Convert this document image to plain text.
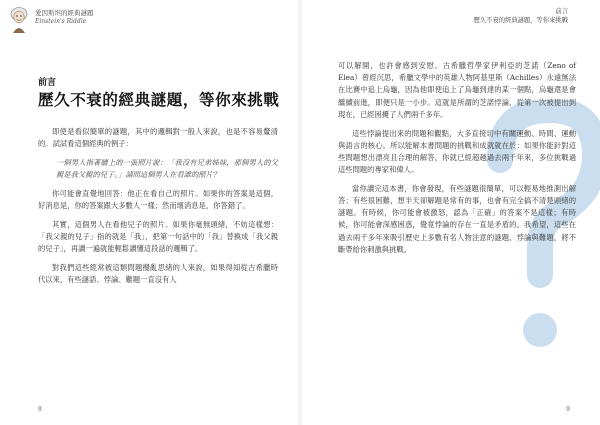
愛因斯坦的經典謎題
Einstein's Riddle
前言
歷久不衰的經典謎題，等你來挑戰

即使是看似簡單的謎題，其中的邏輯對一般人來說，也是不容易釐清的。試試看這個經典的例子：

一個男人指著牆上的一張照片說：「我沒有兄弟姊妹，那個男人的父親是我父親的兒子。」請問這個男人在看誰的照片？

你可能會直覺地回答：他正在看自己的照片。如果你的答案是這個，好消息是，你的答案跟大多數人一樣；然而壞消息是，你答錯了。

其實，這個男人在看他兒子的照片。如果你毫無頭緒，不妨這樣想：「我父親的兒子」指的就是「我」，把第一句話中的「我」替換成「我父親的兒子」，再讀一遍就能輕鬆讀懂這段話的邏輯了。

對我們這些經常被這類問題攪亂思緒的人來說，如果得知從古希臘時代以來，有些謎語、悖論、難題一直沒有人

8
前言
歷久不衰的經典謎題，等你來挑戰

可以解開，也許會感到安慰。古希臘哲學家伊利亞的芝諾（Zeno of Elea）曾經沉思，希臘文學中的英雄人物阿基里斯（Achilles）永遠無法在比賽中追上烏龜，因為他即使追上了烏龜到達的某一個點，烏龜還是會繼續前進，即便只是一小步。這就是所謂的芝諾悖論，從第一次被提出到現在，已經困擾了人們兩千多年。

這些悖論提出來的問題和觀點，大多直接切中有關運動、時間、運動與語言的核心。所以能解本書問題的挑戰和成就就在於：如果你能針對這些問題想出漂亮且合理的解答，你就已經超越過去兩千年來，多位挑戰過這些問題的專家和偉人。

當你讀完這本書，你會發現，有些謎題很簡單，可以輕易地推測出解答；有些很困難，想半天卻解題是常有的事，也會有完全搞不清楚頭緒的謎題。有時候，你可能會被激怒，認為「正確」的答案不是這樣；有時候，你可能會深感困惑，覺竟悖論的存在一直是矛盾的。我希望，這些在過去兩千多年來吸引歷史上多數有名人物注意的謎題、悖論與難題，將不斷帶給你刺激與挑戰。

9
